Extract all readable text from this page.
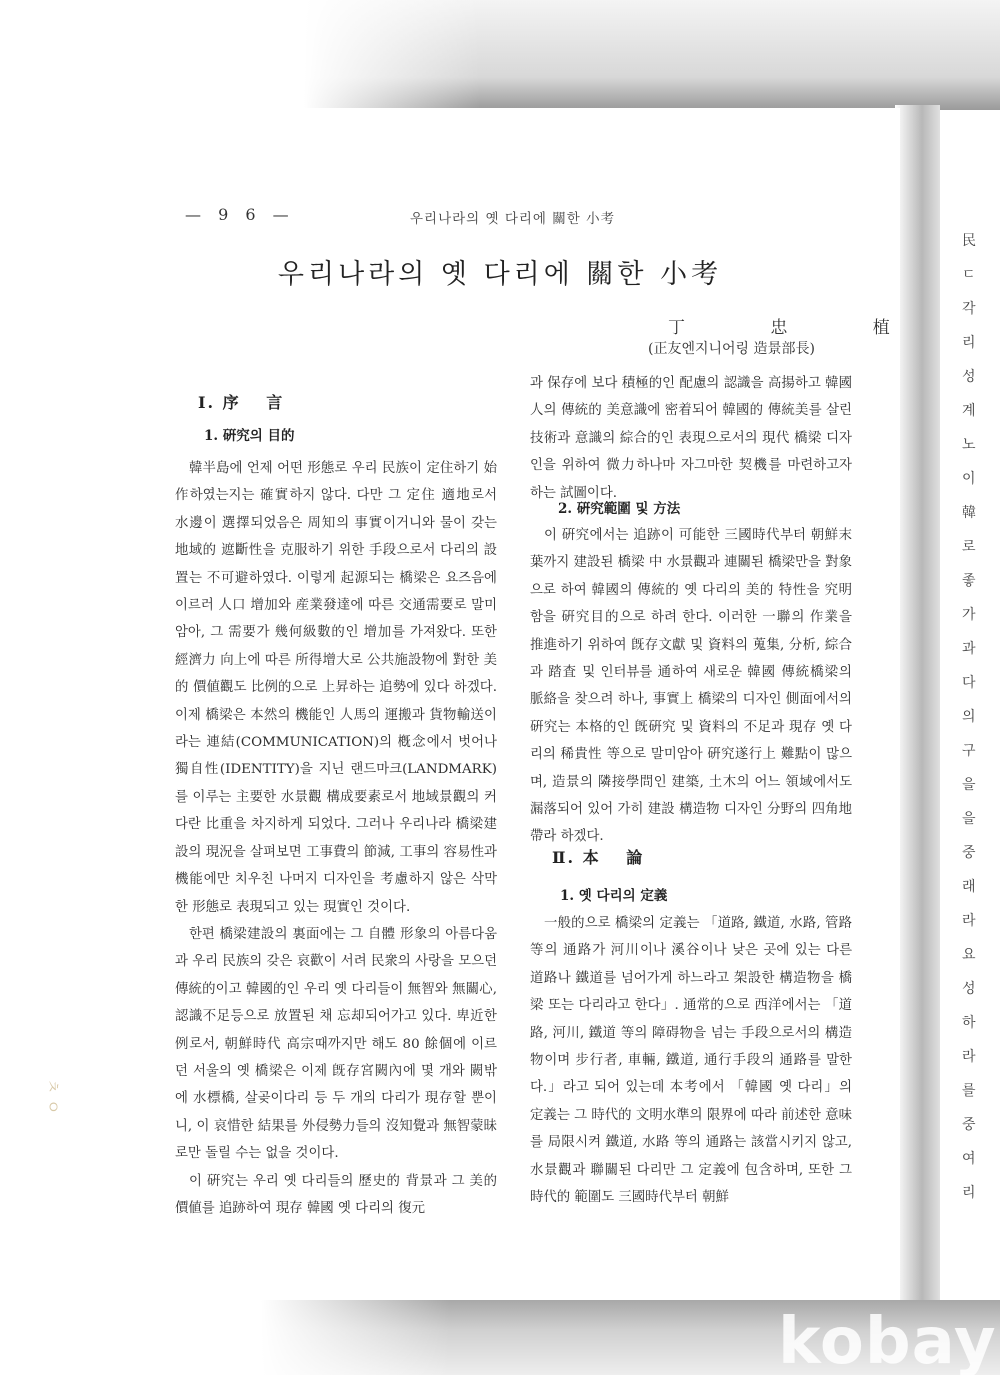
民
ㄷ
각
리
성
계
노
이
韓
로
좋
가
과
다
의
구
을
을
중
래
라
요
성
하
라
를
중
여
리
ㅊ ㅇ
— 9 6 —	우리나라의 옛 다리에 關한 小考
우리나라의 옛 다리에 關한 小考
丁 忠 植
(正友엔지니어링 造景部長)
Ⅰ. 序　 言
1. 硏究의 目的

韓半島에 언제 어떤 形態로 우리 民族이 定住하기 始作하였는지는 確實하지 않다. 다만 그 定住 適地로서 水邊이 選擇되었음은 周知의 事實이거니와 물이 갖는 地域的 遮斷性을 克服하기 위한 手段으로서 다리의 設置는 不可避하였다. 이렇게 起源되는 橋梁은 요즈음에 이르러 人口 增加와 産業發達에 따른 交通需要로 말미암아, 그 需要가 幾何級數的인 增加를 가져왔다. 또한 經濟力 向上에 따른 所得增大로 公共施設物에 對한 美的 價値觀도 比例的으로 上昇하는 追勢에 있다 하겠다. 이제 橋梁은 本然의 機能인 人馬의 運搬과 貨物輸送이라는 連結(COMMUNICATION)의 槪念에서 벗어나 獨自性(IDENTITY)을 지닌 랜드마크(LANDMARK)를 이루는 主要한 水景觀 構成要素로서 地域景觀의 커다란 比重을 차지하게 되었다. 그러나 우리나라 橋梁建設의 現況을 살펴보면 工事費의 節減, 工事의 容易性과 機能에만 치우친 나머지 디자인을 考慮하지 않은 삭막한 形態로 表現되고 있는 現實인 것이다.

한편 橋梁建設의 裏面에는 그 自體 形象의 아름다움과 우리 民族의 갖은 哀歡이 서려 民衆의 사랑을 모으던 傳統的이고 韓國的인 우리 옛 다리들이 無智와 無關心, 認識不足등으로 放置된 채 忘却되어가고 있다. 卑近한 例로서, 朝鮮時代 高宗때까지만 해도 80 餘個에 이르던 서울의 옛 橋梁은 이제 旣存宮闕內에 몇 개와 闕밖에 水標橋, 살곶이다리 등 두 개의 다리가 現存할 뿐이니, 이 哀惜한 結果를 外侵勢力들의 沒知覺과 無智蒙昧로만 돌릴 수는 없을 것이다.

이 硏究는 우리 옛 다리들의 歷史的 背景과 그 美的 價値를 追跡하여 現存 韓國 옛 다리의 復元

과 保存에 보다 積極的인 配慮의 認識을 高揚하고 韓國人의 傳統的 美意識에 密着되어 韓國的 傳統美를 살린 技術과 意識의 綜合的인 表現으로서의 現代 橋梁 디자인을 위하여 微力하나마 자그마한 契機를 마련하고자 하는 試圖이다.

2. 硏究範圍 및 方法

이 硏究에서는 追跡이 可能한 三國時代부터 朝鮮末葉까지 建設된 橋梁 中 水景觀과 連關된 橋梁만을 對象으로 하여 韓國의 傳統的 옛 다리의 美的 特性을 究明함을 硏究目的으로 하려 한다. 이러한 一聯의 作業을 推進하기 위하여 旣存文獻 및 資料의 蒐集, 分析, 綜合과 踏査 및 인터뷰를 通하여 새로운 韓國 傳統橋梁의 脈絡을 찾으려 하나, 事實上 橋梁의 디자인 側面에서의 硏究는 本格的인 旣硏究 및 資料의 不足과 現存 옛 다리의 稀貴性 等으로 말미암아 硏究遂行上 難點이 많으며, 造景의 隣接學問인 建築, 土木의 어느 領域에서도 漏落되어 있어 가히 建設 構造物 디자인 分野의 四角地帶라 하겠다.

Ⅱ. 本　 論
1. 옛 다리의 定義

一般的으로 橋梁의 定義는 「道路, 鐵道, 水路, 管路 等의 通路가 河川이나 溪谷이나 낮은 곳에 있는 다른 道路나 鐵道를 넘어가게 하느라고 架設한 構造物을 橋梁 또는 다리라고 한다」. 通常的으로 西洋에서는 「道路, 河川, 鐵道 等의 障碍物을 넘는 手段으로서의 構造物이며 步行者, 車輛, 鐵道, 通行手段의 通路를 말한다.」라고 되어 있는데 本考에서 「韓國 옛 다리」의 定義는 그 時代的 文明水準의 限界에 따라 前述한 意味를 局限시켜 鐵道, 水路 等의 通路는 該當시키지 않고, 水景觀과 聯關된 다리만 그 定義에 包含하며, 또한 그 時代的 範圍도 三國時代부터 朝鮮

kobay
